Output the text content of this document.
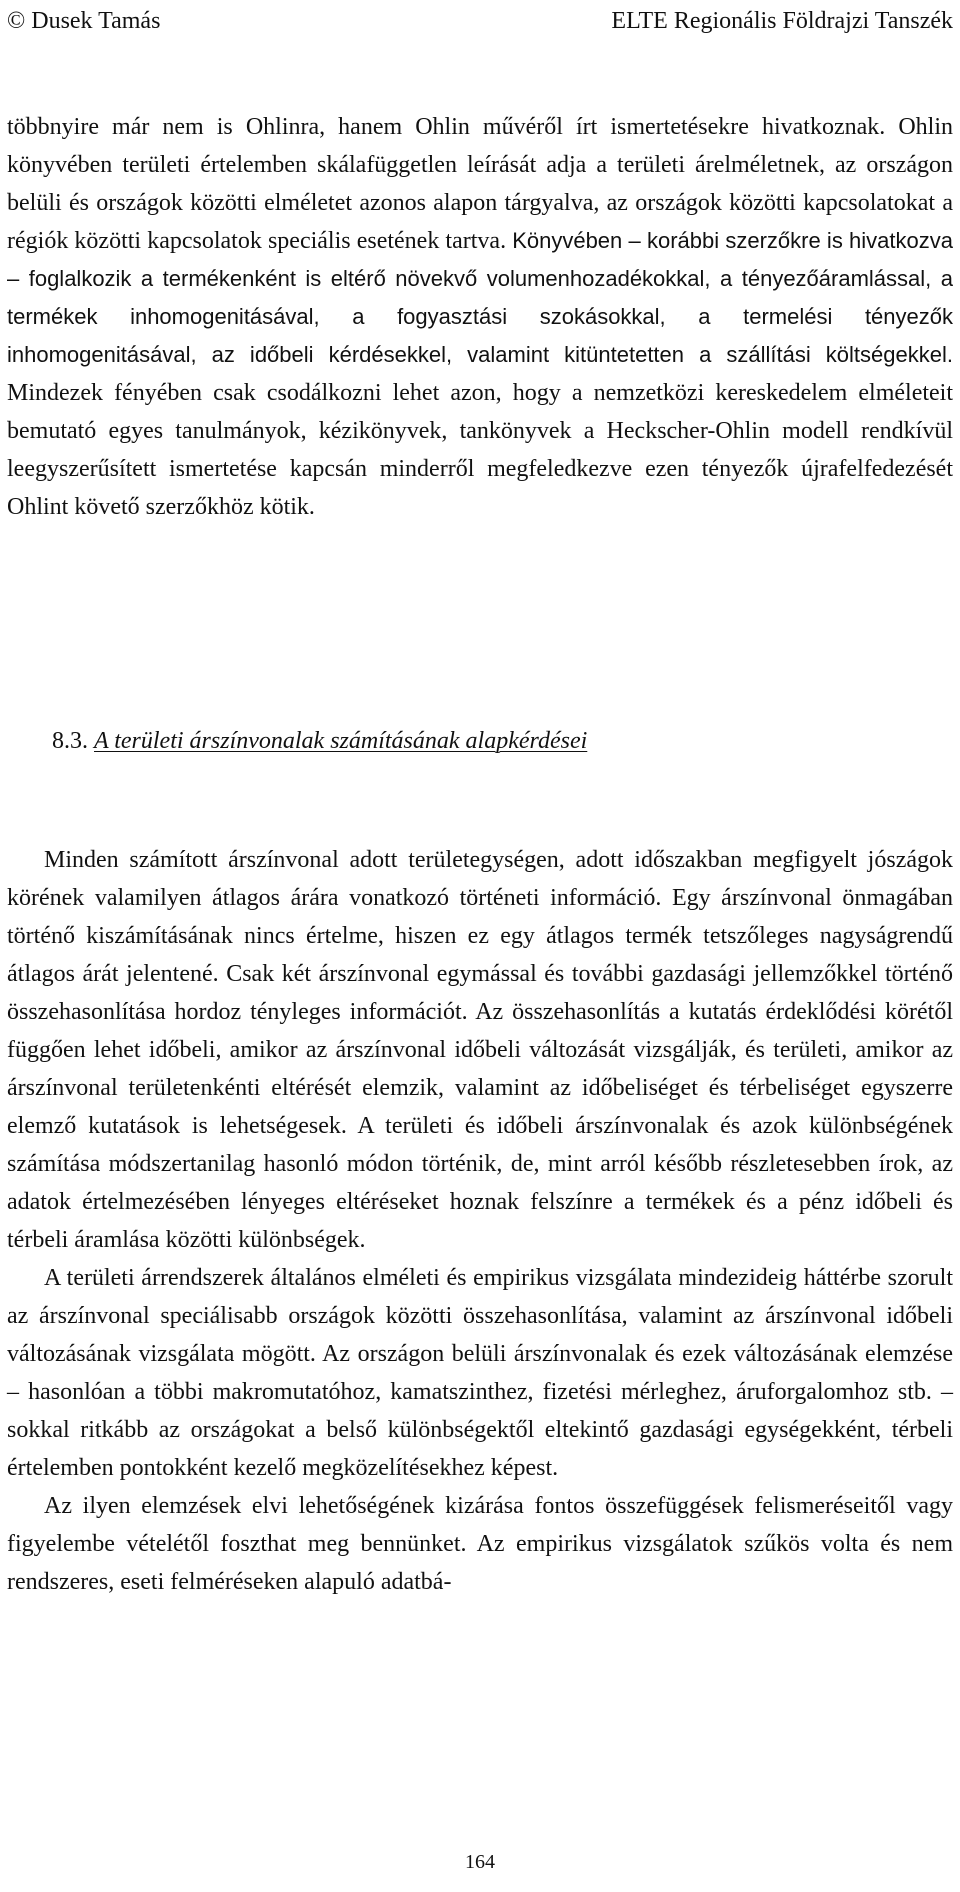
© Dusek Tamás	ELTE Regionális Földrajzi Tanszék

többnyire már nem is Ohlinra, hanem Ohlin művéről írt ismertetésekre hivatkoznak. Ohlin könyvében területi értelemben skálafüggetlen leírását adja a területi árelméletnek, az országon belüli és országok közötti elméletet azonos alapon tárgyalva, az országok közötti kapcsolatokat a régiók közötti kapcsolatok speciális esetének tartva. Könyvében – korábbi szerzőkre is hivatkozva – foglalkozik a termékenként is eltérő növekvő volumenhozadékokkal, a tényezőáramlással, a termékek inhomogenitásával, a fogyasztási szokásokkal, a termelési tényezők inhomogenitásával, az időbeli kérdésekkel, valamint kitüntetetten a szállítási költségekkel. Mindezek fényében csak csodálkozni lehet azon, hogy a nemzetközi kereskedelem elméleteit bemutató egyes tanulmányok, kézikönyvek, tankönyvek a Heckscher-Ohlin modell rendkívül leegyszerűsített ismertetése kapcsán minderről megfeledkezve ezen tényezők újrafelfedezését Ohlint követő szerzőkhöz kötik.

8.3. A területi árszínvonalak számításának alapkérdései

Minden számított árszínvonal adott területegységen, adott időszakban megfigyelt jószágok körének valamilyen átlagos árára vonatkozó történeti információ. Egy árszínvonal önmagában történő kiszámításának nincs értelme, hiszen ez egy átlagos termék tetszőleges nagyságrendű átlagos árát jelentené. Csak két árszínvonal egymással és további gazdasági jellemzőkkel történő összehasonlítása hordoz tényleges információt. Az összehasonlítás a kutatás érdeklődési körétől függően lehet időbeli, amikor az árszínvonal időbeli változását vizsgálják, és területi, amikor az árszínvonal területenkénti eltérését elemzik, valamint az időbeliséget és térbeliséget egyszerre elemző kutatások is lehetségesek. A területi és időbeli árszínvonalak és azok különbségének számítása módszertanilag hasonló módon történik, de, mint arról később részletesebben írok, az adatok értelmezésében lényeges eltéréseket hoznak felszínre a termékek és a pénz időbeli és térbeli áramlása közötti különbségek.

A területi árrendszerek általános elméleti és empirikus vizsgálata mindezideig háttérbe szorult az árszínvonal speciálisabb országok közötti összehasonlítása, valamint az árszínvonal időbeli változásának vizsgálata mögött. Az országon belüli árszínvonalak és ezek változásának elemzése – hasonlóan a többi makromutatóhoz, kamatszinthez, fizetési mérleghez, áruforgalomhoz stb. – sokkal ritkább az országokat a belső különbségektől eltekintő gazdasági egységekként, térbeli értelemben pontokként kezelő megközelítésekhez képest.

Az ilyen elemzések elvi lehetőségének kizárása fontos összefüggések felismeréseitől vagy figyelembe vételétől foszthat meg bennünket. Az empirikus vizsgálatok szűkös volta és nem rendszeres, eseti felméréseken alapuló adatbá-

164
